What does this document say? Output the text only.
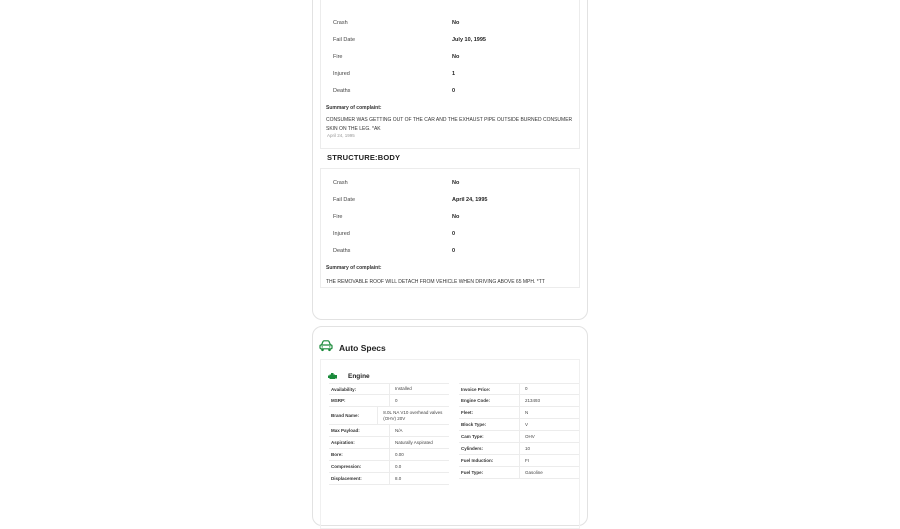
Crash	No
Fail Date	July 10, 1995
Fire	No
Injured	1
Deaths	0
Summary of complaint:
CONSUMER WAS GETTING OUT OF THE CAR AND THE EXHAUST PIPE OUTSIDE BURNED CONSUMER SKIN ON THE LEG. *AK
April 24, 1995
STRUCTURE:BODY
Crash	No
Fail Date	April 24, 1995
Fire	No
Injured	0
Deaths	0
Summary of complaint:
THE REMOVABLE ROOF WILL DETACH FROM VEHICLE WHEN DRIVING ABOVE 65 MPH. *TT
Auto Specs
Engine
Availability:	Installed
MSRP:	0
Brand Name:
8.0L NA V10 overhead valves (OHV) 20V
Max Payload:	N/A
Aspiration:	Naturally Aspirated
Bore:	0.00
Compression:	0.0
Displacement:	8.0
Invoice Price:	0
Engine Code:	213493
Fleet:	N
Block Type:	V
Cam Type:	OHV
Cylinders:	10
Fuel Induction:	FI
Fuel Type:	Gasoline
